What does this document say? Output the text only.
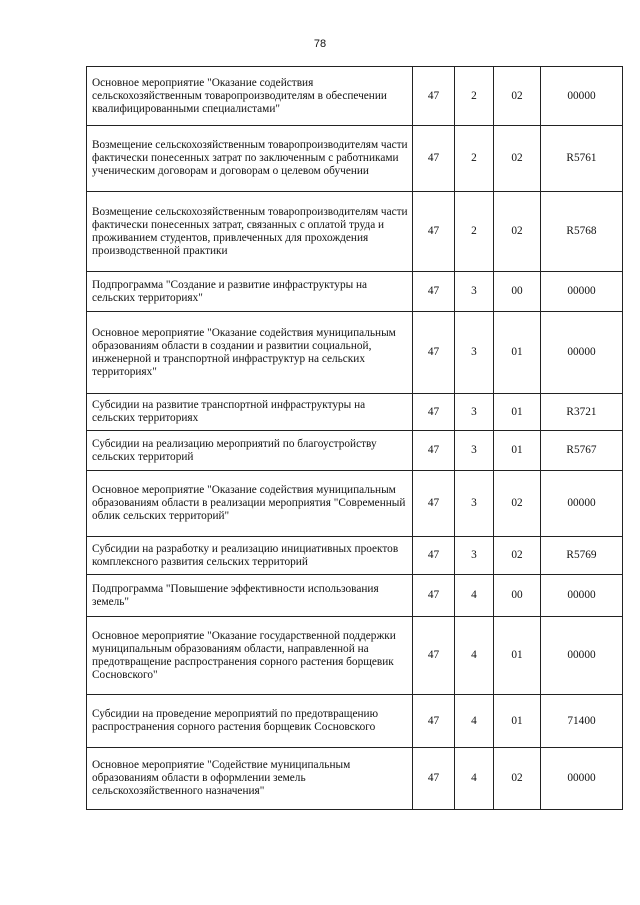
78
Основное мероприятие "Оказание содействия сельскохозяйственным товаропроизводителям в обеспечении квалифицированными специалистами"	47	2	02	00000
Возмещение сельскохозяйственным товаропроизводителям части фактически понесенных затрат по заключенным с работниками ученическим договорам и договорам о целевом обучении	47	2	02	R5761
Возмещение сельскохозяйственным товаропроизводителям части фактически понесенных затрат, связанных с оплатой труда и проживанием студентов, привлеченных для прохождения производственной практики	47	2	02	R5768
Подпрограмма "Создание и развитие инфраструктуры на сельских территориях"	47	3	00	00000
Основное мероприятие "Оказание содействия муниципальным образованиям области в создании и развитии социальной, инженерной и транспортной инфраструктур на сельских территориях"	47	3	01	00000
Субсидии на развитие транспортной инфраструктуры на сельских территориях	47	3	01	R3721
Субсидии на реализацию мероприятий по благоустройству сельских территорий	47	3	01	R5767
Основное мероприятие "Оказание содействия муниципальным образованиям области в реализации мероприятия "Современный облик сельских территорий"	47	3	02	00000
Субсидии на разработку и реализацию инициативных проектов комплексного развития сельских территорий	47	3	02	R5769
Подпрограмма "Повышение эффективности использования земель"	47	4	00	00000
Основное мероприятие "Оказание государственной поддержки муниципальным образованиям области, направленной на предотвращение распространения сорного растения борщевик Сосновского"	47	4	01	00000
Субсидии на проведение мероприятий по предотвращению распространения сорного растения борщевик Сосновского	47	4	01	71400
Основное мероприятие "Содействие муниципальным образованиям области в оформлении земель сельскохозяйственного назначения"	47	4	02	00000
